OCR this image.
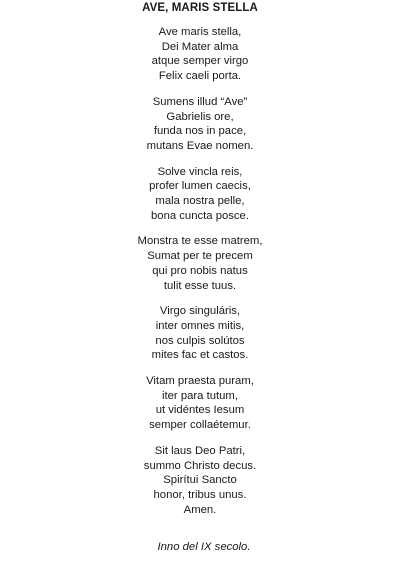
AVE, MARIS STELLA
Ave maris stella,
Dei Mater alma
atque semper virgo
Felix caeli porta.
Sumens illud “Ave”
Gabrielis ore,
funda nos in pace,
mutans Evae nomen.
Solve vincla reis,
profer lumen caecis,
mala nostra pelle,
bona cuncta posce.
Monstra te esse matrem,
Sumat per te precem
qui pro nobis natus
tulit esse tuus.
Virgo singuláris,
inter omnes mitis,
nos culpis solútos
mites fac et castos.
Vitam praesta puram,
iter para tutum,
ut vidéntes Iesum
semper collaétemur.
Sit laus Deo Patri,
summo Christo decus.
Spirítui Sancto
honor, tribus unus.
Amen.
Inno del IX secolo.
